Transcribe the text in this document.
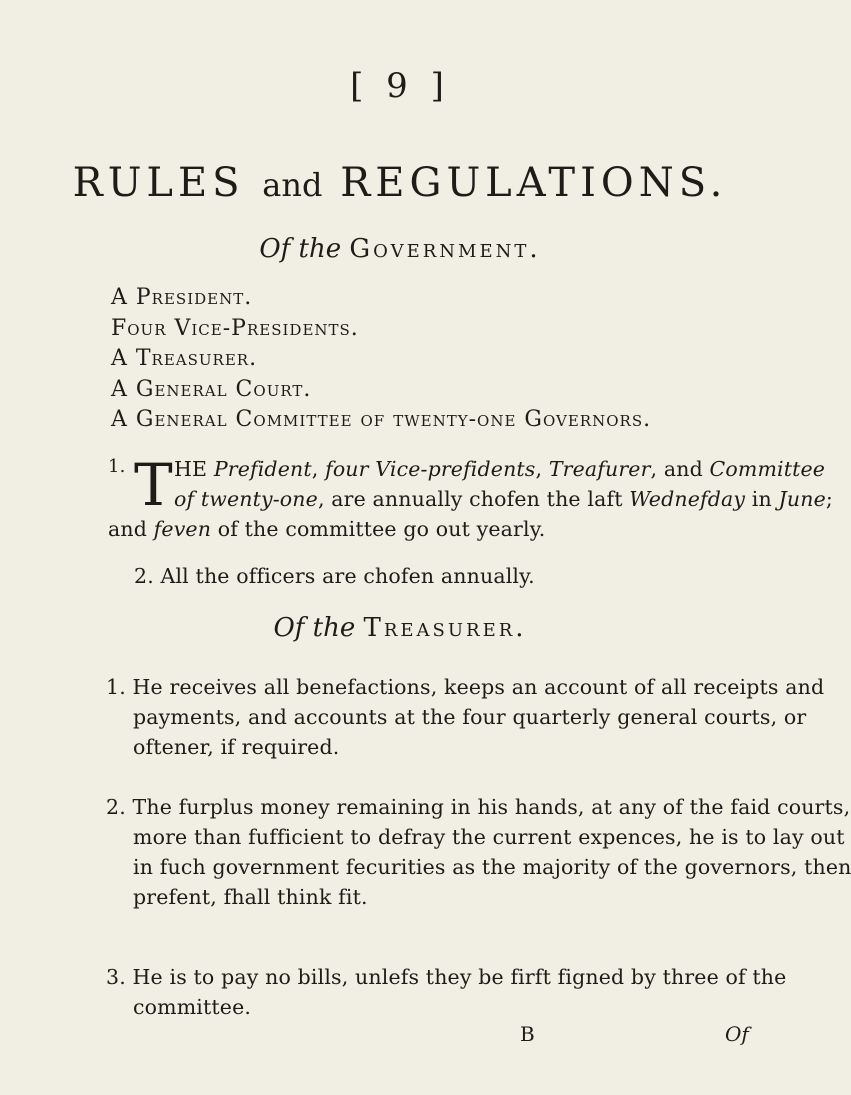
[ 9 ]
RULES and REGULATIONS.
Of the Government.
A President.
Four Vice-Presidents.
A Treasurer.
A General Court.
A General Committee of twenty-one Governors.
1. T HE Prefident, four Vice-prefidents, Treafurer, and Committee
of twenty-one, are annually chofen the laft Wednefday in June;
and feven of the committee go out yearly.
2. All the officers are chofen annually.
Of the Treasurer.
1. He receives all benefactions, keeps an account of all receipts and
payments, and accounts at the four quarterly general courts, or
oftener, if required.
2. The furplus money remaining in his hands, at any of the faid courts,
more than fufficient to defray the current expences, he is to lay out
in fuch government fecurities as the majority of the governors, then
prefent, fhall think fit.
3. He is to pay no bills, unlefs they be firft figned by three of the
committee.
B	Of
